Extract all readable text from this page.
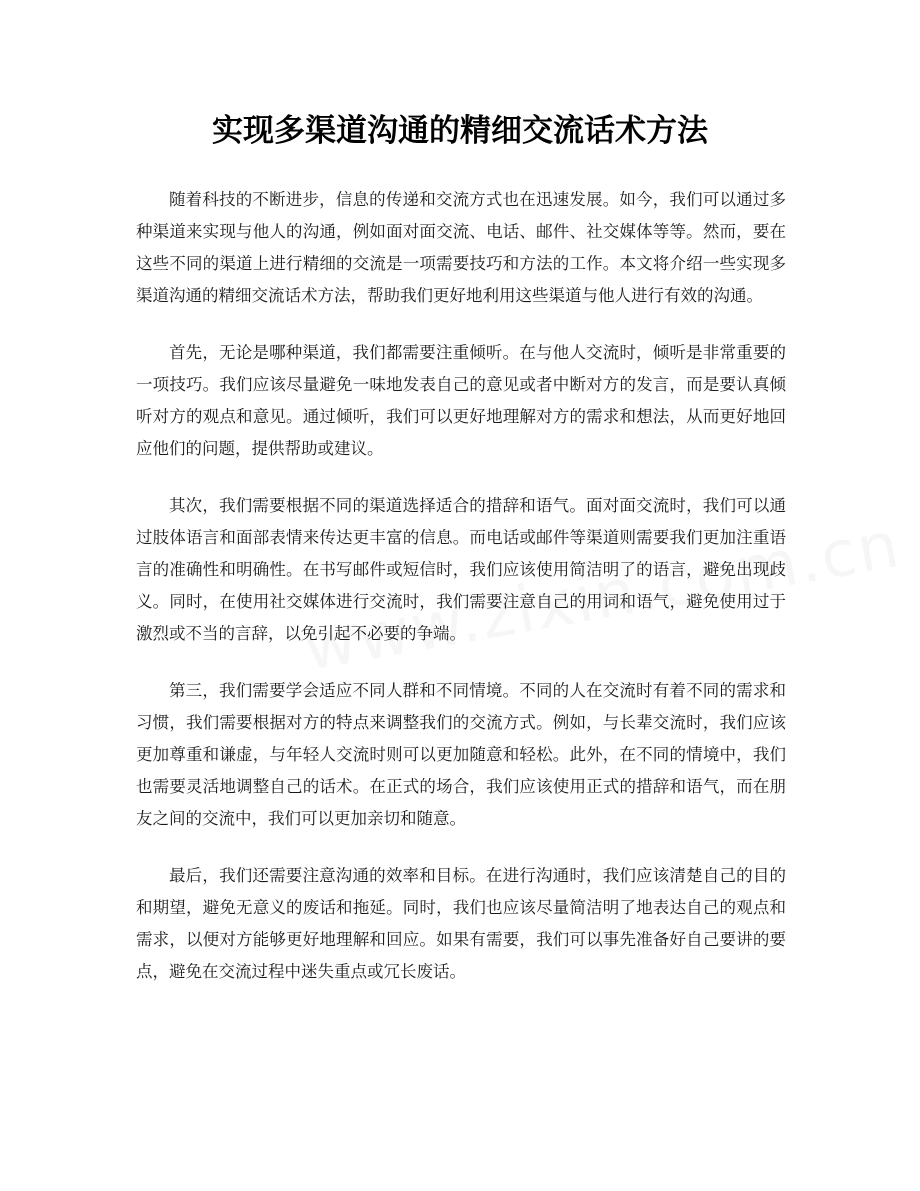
实现多渠道沟通的精细交流话术方法

随着科技的不断进步，信息的传递和交流方式也在迅速发展。如今，我们可以通过多种渠道来实现与他人的沟通，例如面对面交流、电话、邮件、社交媒体等等。然而，要在这些不同的渠道上进行精细的交流是一项需要技巧和方法的工作。本文将介绍一些实现多渠道沟通的精细交流话术方法，帮助我们更好地利用这些渠道与他人进行有效的沟通。

首先，无论是哪种渠道，我们都需要注重倾听。在与他人交流时，倾听是非常重要的一项技巧。我们应该尽量避免一味地发表自己的意见或者中断对方的发言，而是要认真倾听对方的观点和意见。通过倾听，我们可以更好地理解对方的需求和想法，从而更好地回应他们的问题，提供帮助或建议。

其次，我们需要根据不同的渠道选择适合的措辞和语气。面对面交流时，我们可以通过肢体语言和面部表情来传达更丰富的信息。而电话或邮件等渠道则需要我们更加注重语言的准确性和明确性。在书写邮件或短信时，我们应该使用简洁明了的语言，避免出现歧义。同时，在使用社交媒体进行交流时，我们需要注意自己的用词和语气，避免使用过于激烈或不当的言辞，以免引起不必要的争端。

第三，我们需要学会适应不同人群和不同情境。不同的人在交流时有着不同的需求和习惯，我们需要根据对方的特点来调整我们的交流方式。例如，与长辈交流时，我们应该更加尊重和谦虚，与年轻人交流时则可以更加随意和轻松。此外，在不同的情境中，我们也需要灵活地调整自己的话术。在正式的场合，我们应该使用正式的措辞和语气，而在朋友之间的交流中，我们可以更加亲切和随意。

最后，我们还需要注意沟通的效率和目标。在进行沟通时，我们应该清楚自己的目的和期望，避免无意义的废话和拖延。同时，我们也应该尽量简洁明了地表达自己的观点和需求，以便对方能够更好地理解和回应。如果有需要，我们可以事先准备好自己要讲的要点，避免在交流过程中迷失重点或冗长废话。
